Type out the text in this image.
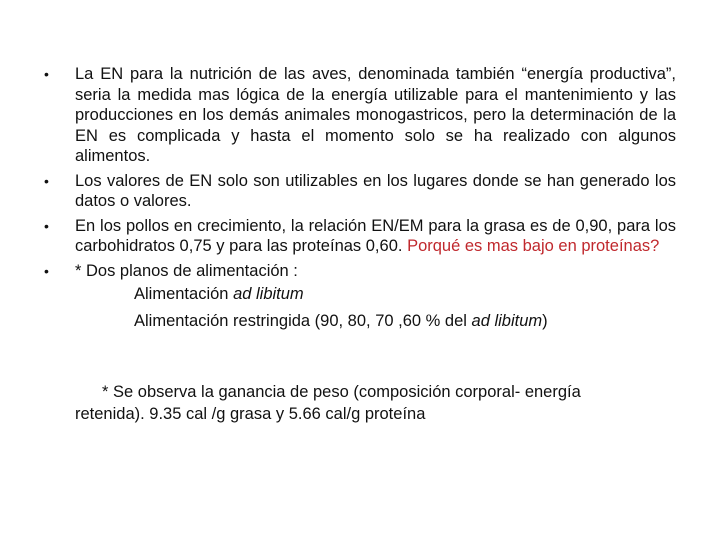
• La EN para la nutrición de las aves, denominada también “energía productiva”, seria la medida mas lógica de la energía utilizable para el mantenimiento y las producciones en los demás animales monogastricos, pero la determinación de la EN es complicada y hasta el momento solo se ha realizado con algunos alimentos.
• Los valores de EN solo son utilizables en los lugares donde se han generado los datos o valores.
• En los pollos en crecimiento, la relación EN/EM para la grasa es de 0,90, para los carbohidratos 0,75 y para las proteínas 0,60. Porqué es mas bajo en proteínas?
• * Dos planos de alimentación :
Alimentación ad libitum
Alimentación restringida (90, 80, 70 ,60 % del ad libitum)
* Se observa la ganancia de peso (composición corporal- energía
retenida). 9.35 cal /g grasa y 5.66 cal/g proteína
